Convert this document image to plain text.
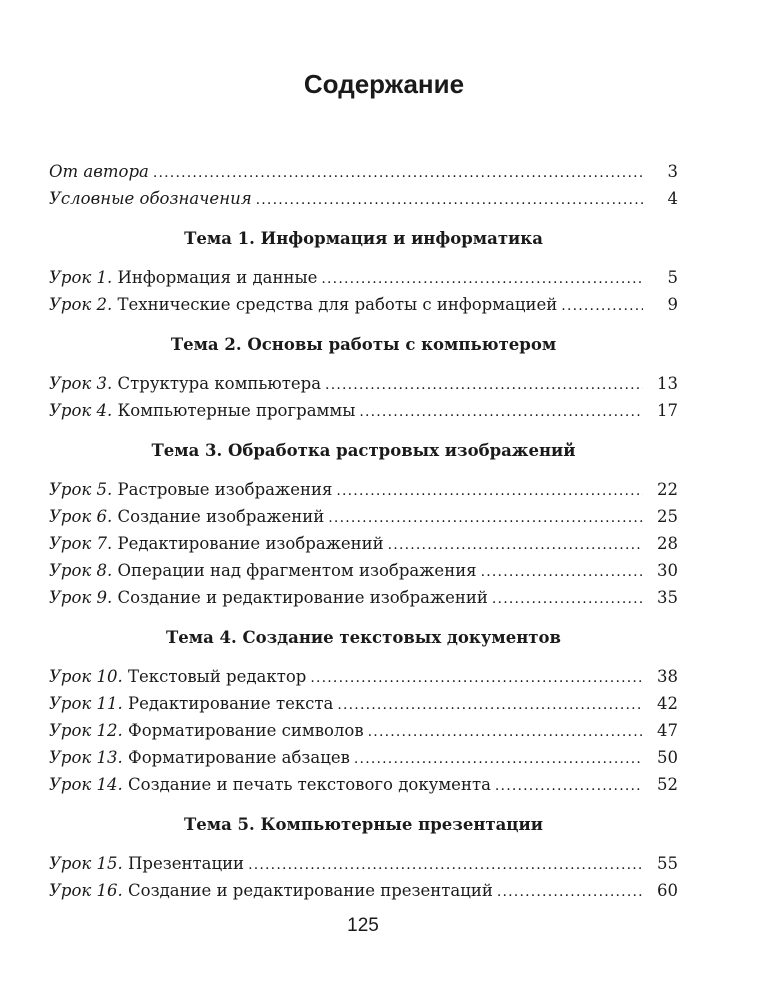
Содержание
От автора .....	3
Условные обозначения .....	4
Тема 1. Информация и информатика
Урок 1. Информация и данные .....	5
Урок 2. Технические средства для работы с информацией .....	9
Тема 2. Основы работы с компьютером
Урок 3. Структура компьютера .....	13
Урок 4. Компьютерные программы .....	17
Тема 3. Обработка растровых изображений
Урок 5. Растровые изображения .....	22
Урок 6. Создание изображений .....	25
Урок 7. Редактирование изображений .....	28
Урок 8. Операции над фрагментом изображения .....	30
Урок 9. Создание и редактирование изображений .....	35
Тема 4. Создание текстовых документов
Урок 10. Текстовый редактор .....	38
Урок 11. Редактирование текста .....	42
Урок 12. Форматирование символов .....	47
Урок 13. Форматирование абзацев .....	50
Урок 14. Создание и печать текстового документа .....	52
Тема 5. Компьютерные презентации
Урок 15. Презентации .....	55
Урок 16. Создание и редактирование презентаций .....	60
125
